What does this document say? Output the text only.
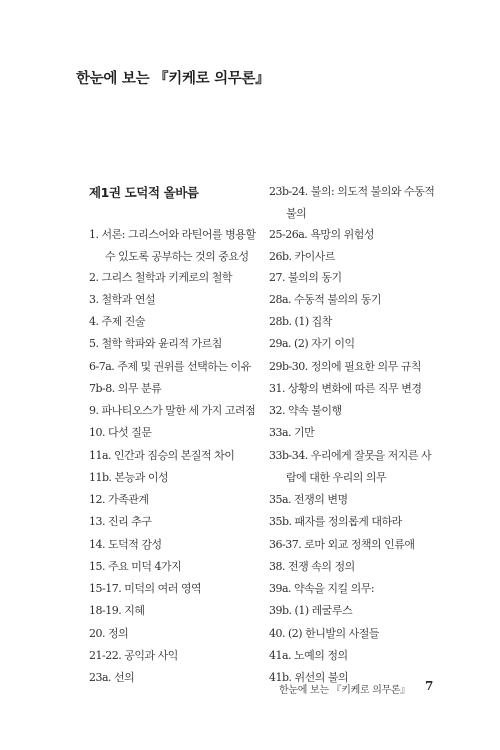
한눈에 보는 『키케로 의무론』
제1권 도덕적 올바름
1. 서론: 그리스어와 라틴어를 병용할
수 있도록 공부하는 것의 중요성
2. 그리스 철학과 키케로의 철학
3. 철학과 연설
4. 주제 진술
5. 철학 학파와 윤리적 가르침
6-7a. 주제 및 권위를 선택하는 이유
7b-8. 의무 분류
9. 파나티오스가 말한 세 가지 고려점
10. 다섯 질문
11a. 인간과 짐승의 본질적 차이
11b. 본능과 이성
12. 가족관계
13. 진리 추구
14. 도덕적 감성
15. 주요 미덕 4가지
15-17. 미덕의 여러 영역
18-19. 지혜
20. 정의
21-22. 공익과 사익
23a. 선의
23b-24. 불의: 의도적 불의와 수동적
불의
25-26a. 욕망의 위험성
26b. 카이사르
27. 불의의 동기
28a. 수동적 불의의 동기
28b. (1) 집착
29a. (2) 자기 이익
29b-30. 정의에 필요한 의무 규칙
31. 상황의 변화에 따른 직무 변경
32. 약속 불이행
33a. 기만
33b-34. 우리에게 잘못을 저지른 사
람에 대한 우리의 의무
35a. 전쟁의 변명
35b. 패자를 정의롭게 대하라
36-37. 로마 외교 정책의 인류애
38. 전쟁 속의 정의
39a. 약속을 지킬 의무:
39b. (1) 레굴루스
40. (2) 한니발의 사절들
41a. 노예의 정의
41b. 위선의 불의
한눈에 보는 『키케로 의무론』 7
